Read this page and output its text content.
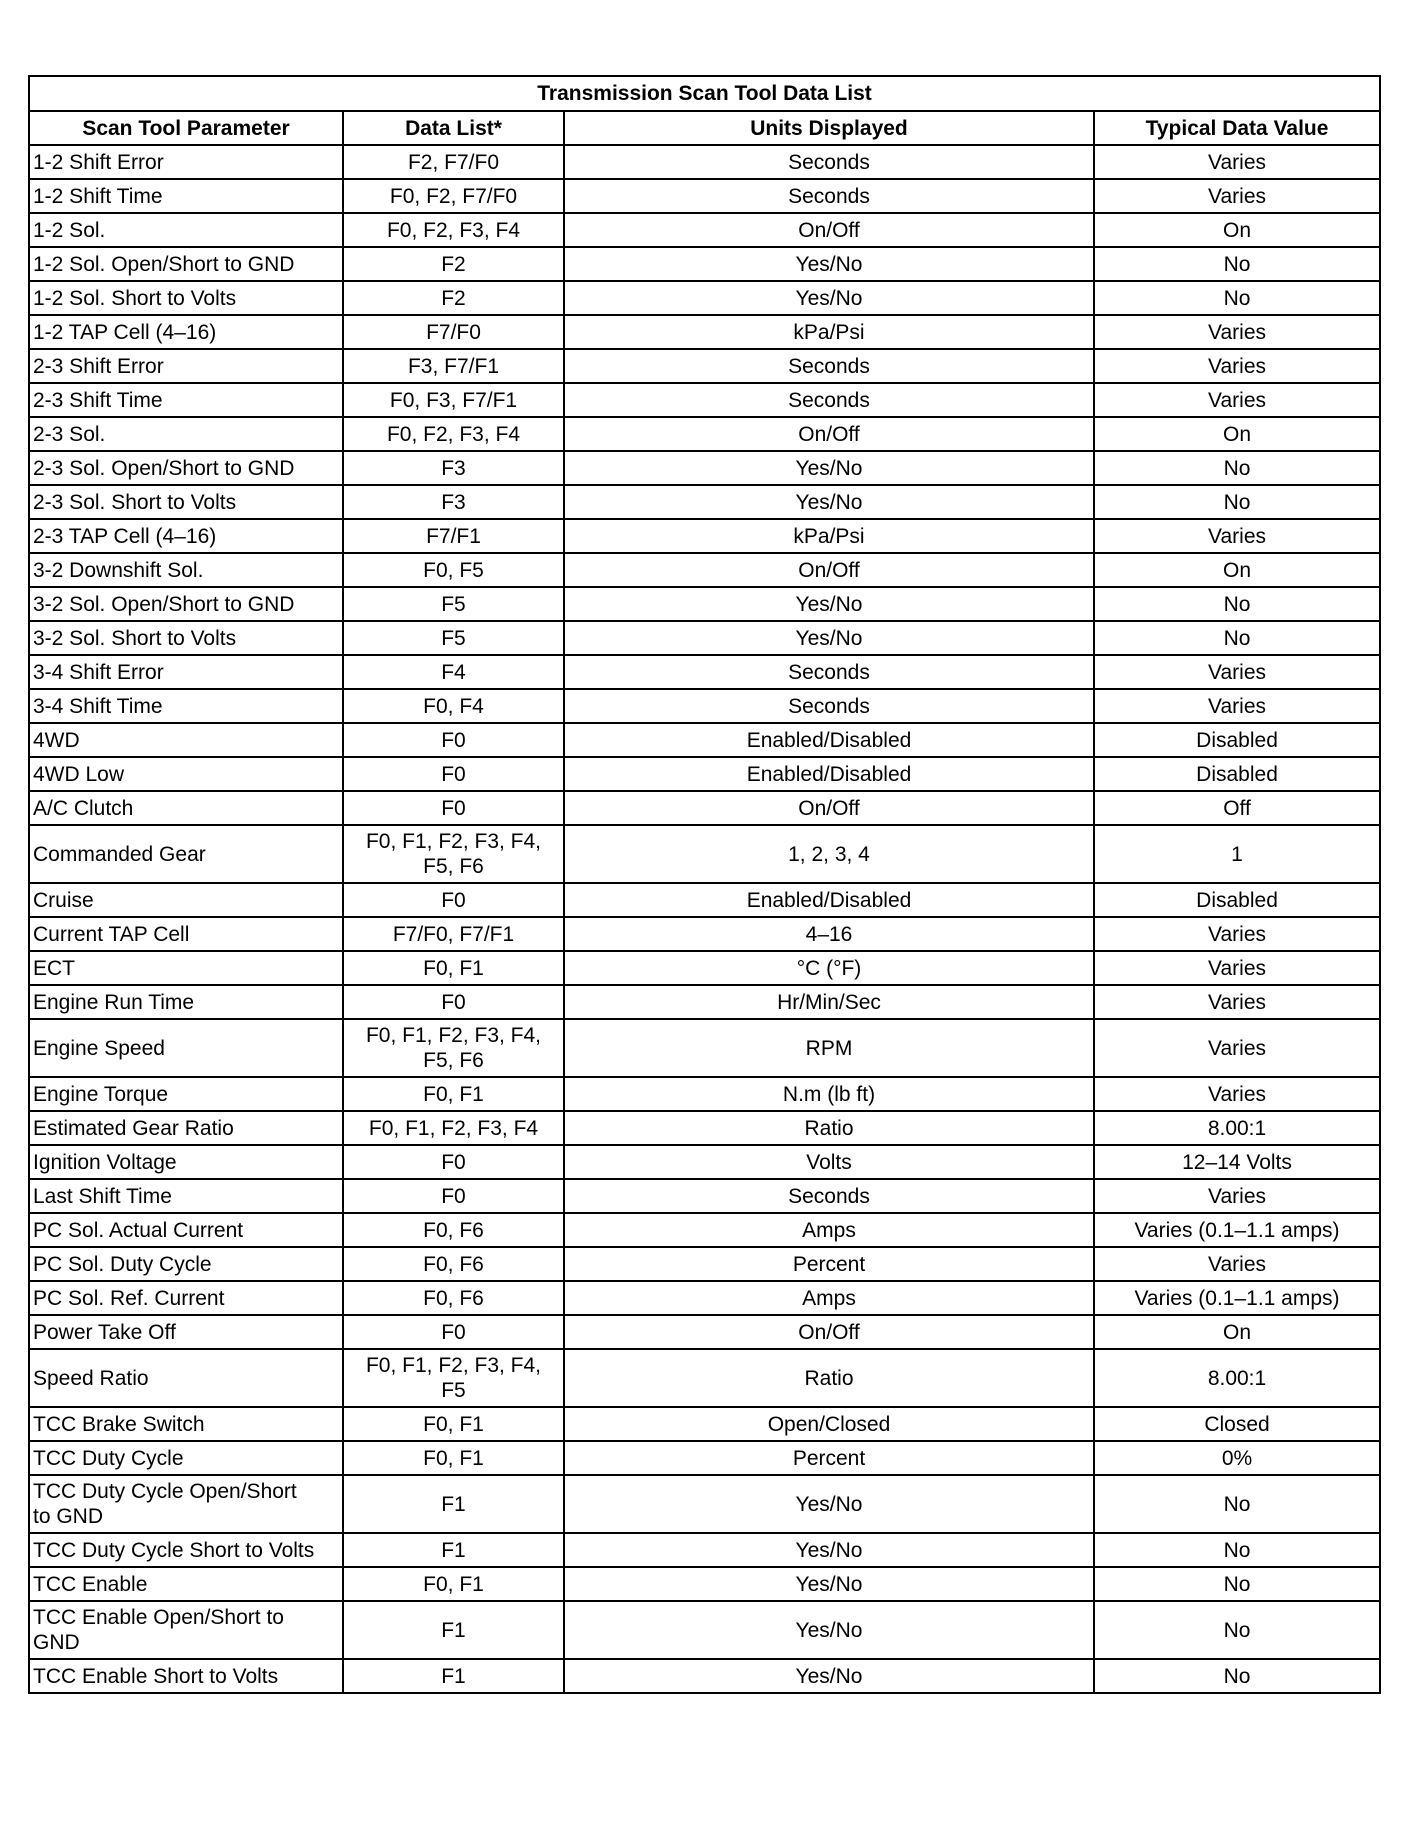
Transmission Scan Tool Data List			
Scan Tool Parameter	Data List*	Units Displayed	Typical Data Value
1-2 Shift Error	F2, F7/F0	Seconds	Varies
1-2 Shift Time	F0, F2, F7/F0	Seconds	Varies
1-2 Sol.	F0, F2, F3, F4	On/Off	On
1-2 Sol. Open/Short to GND	F2	Yes/No	No
1-2 Sol. Short to Volts	F2	Yes/No	No
1-2 TAP Cell (4–16)	F7/F0	kPa/Psi	Varies
2-3 Shift Error	F3, F7/F1	Seconds	Varies
2-3 Shift Time	F0, F3, F7/F1	Seconds	Varies
2-3 Sol.	F0, F2, F3, F4	On/Off	On
2-3 Sol. Open/Short to GND	F3	Yes/No	No
2-3 Sol. Short to Volts	F3	Yes/No	No
2-3 TAP Cell (4–16)	F7/F1	kPa/Psi	Varies
3-2 Downshift Sol.	F0, F5	On/Off	On
3-2 Sol. Open/Short to GND	F5	Yes/No	No
3-2 Sol. Short to Volts	F5	Yes/No	No
3-4 Shift Error	F4	Seconds	Varies
3-4 Shift Time	F0, F4	Seconds	Varies
4WD	F0	Enabled/Disabled	Disabled
4WD Low	F0	Enabled/Disabled	Disabled
A/C Clutch	F0	On/Off	Off
Commanded Gear	F0, F1, F2, F3, F4,
F5, F6	1, 2, 3, 4	1
Cruise	F0	Enabled/Disabled	Disabled
Current TAP Cell	F7/F0, F7/F1	4–16	Varies
ECT	F0, F1	°C (°F)	Varies
Engine Run Time	F0	Hr/Min/Sec	Varies
Engine Speed	F0, F1, F2, F3, F4,
F5, F6	RPM	Varies
Engine Torque	F0, F1	N.m (lb ft)	Varies
Estimated Gear Ratio	F0, F1, F2, F3, F4	Ratio	8.00:1
Ignition Voltage	F0	Volts	12–14 Volts
Last Shift Time	F0	Seconds	Varies
PC Sol. Actual Current	F0, F6	Amps	Varies (0.1–1.1 amps)
PC Sol. Duty Cycle	F0, F6	Percent	Varies
PC Sol. Ref. Current	F0, F6	Amps	Varies (0.1–1.1 amps)
Power Take Off	F0	On/Off	On
Speed Ratio	F0, F1, F2, F3, F4,
F5	Ratio	8.00:1
TCC Brake Switch	F0, F1	Open/Closed	Closed
TCC Duty Cycle	F0, F1	Percent	0%
TCC Duty Cycle Open/Short
to GND	F1	Yes/No	No
TCC Duty Cycle Short to Volts	F1	Yes/No	No
TCC Enable	F0, F1	Yes/No	No
TCC Enable Open/Short to
GND	F1	Yes/No	No
TCC Enable Short to Volts	F1	Yes/No	No
